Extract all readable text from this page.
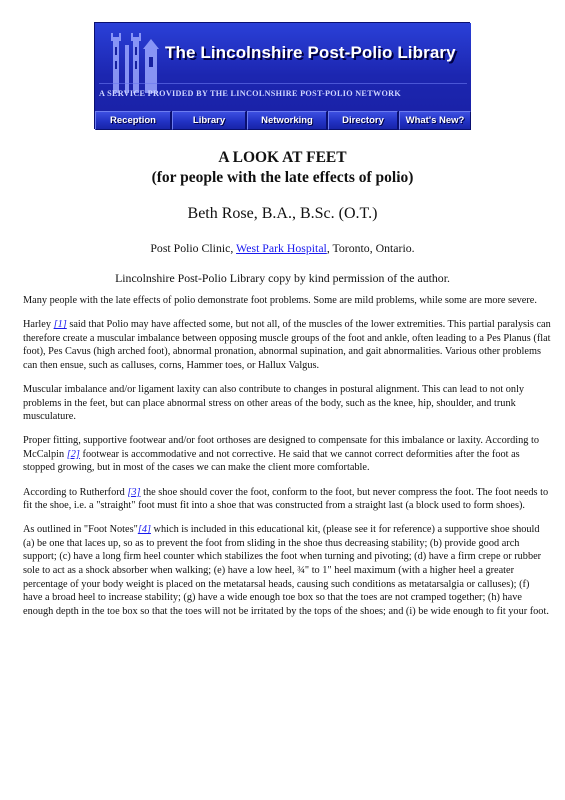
The Lincolnshire Post-Polio Library
A SERVICE PROVIDED BY THE LINCOLNSHIRE POST-POLIO NETWORK
Reception	Library	Networking	Directory	What's New?
A LOOK AT FEET
(for people with the late effects of polio)
Beth Rose, B.A., B.Sc. (O.T.)
Post Polio Clinic, West Park Hospital, Toronto, Ontario.
Lincolnshire Post-Polio Library copy by kind permission of the author.

Many people with the late effects of polio demonstrate foot problems. Some are mild problems, while some are more severe.

Harley [1] said that Polio may have affected some, but not all, of the muscles of the lower extremities. This partial paralysis can therefore create a muscular imbalance between opposing muscle groups of the foot and ankle, often leading to a Pes Planus (flat foot), Pes Cavus (high arched foot), abnormal pronation, abnormal supination, and gait abnormalities. Various other problems can then ensue, such as calluses, corns, Hammer toes, or Hallux Valgus.

Muscular imbalance and/or ligament laxity can also contribute to changes in postural alignment. This can lead to not only problems in the feet, but can place abnormal stress on other areas of the body, such as the knee, hip, shoulder, and trunk musculature.

Proper fitting, supportive footwear and/or foot orthoses are designed to compensate for this imbalance or laxity. According to McCalpin [2] footwear is accommodative and not corrective. He said that we cannot correct deformities after the foot as stopped growing, but in most of the cases we can make the client more comfortable.

According to Rutherford [3] the shoe should cover the foot, conform to the foot, but never compress the foot. The foot needs to fit the shoe, i.e. a "straight" foot must fit into a shoe that was constructed from a straight last (a block used to form shoes).

As outlined in "Foot Notes"[4] which is included in this educational kit, (please see it for reference) a supportive shoe should (a) be one that laces up, so as to prevent the foot from sliding in the shoe thus decreasing stability; (b) provide good arch support; (c) have a long firm heel counter which stabilizes the foot when turning and pivoting; (d) have a firm crepe or rubber sole to act as a shock absorber when walking; (e) have a low heel, ¾" to 1" heel maximum (with a higher heel a greater percentage of your body weight is placed on the metatarsal heads, causing such conditions as metatarsalgia or calluses); (f) have a broad heel to increase stability; (g) have a wide enough toe box so that the toes are not cramped together; (h) have enough depth in the toe box so that the toes will not be irritated by the tops of the shoes; and (i) be wide enough to fit your foot.
